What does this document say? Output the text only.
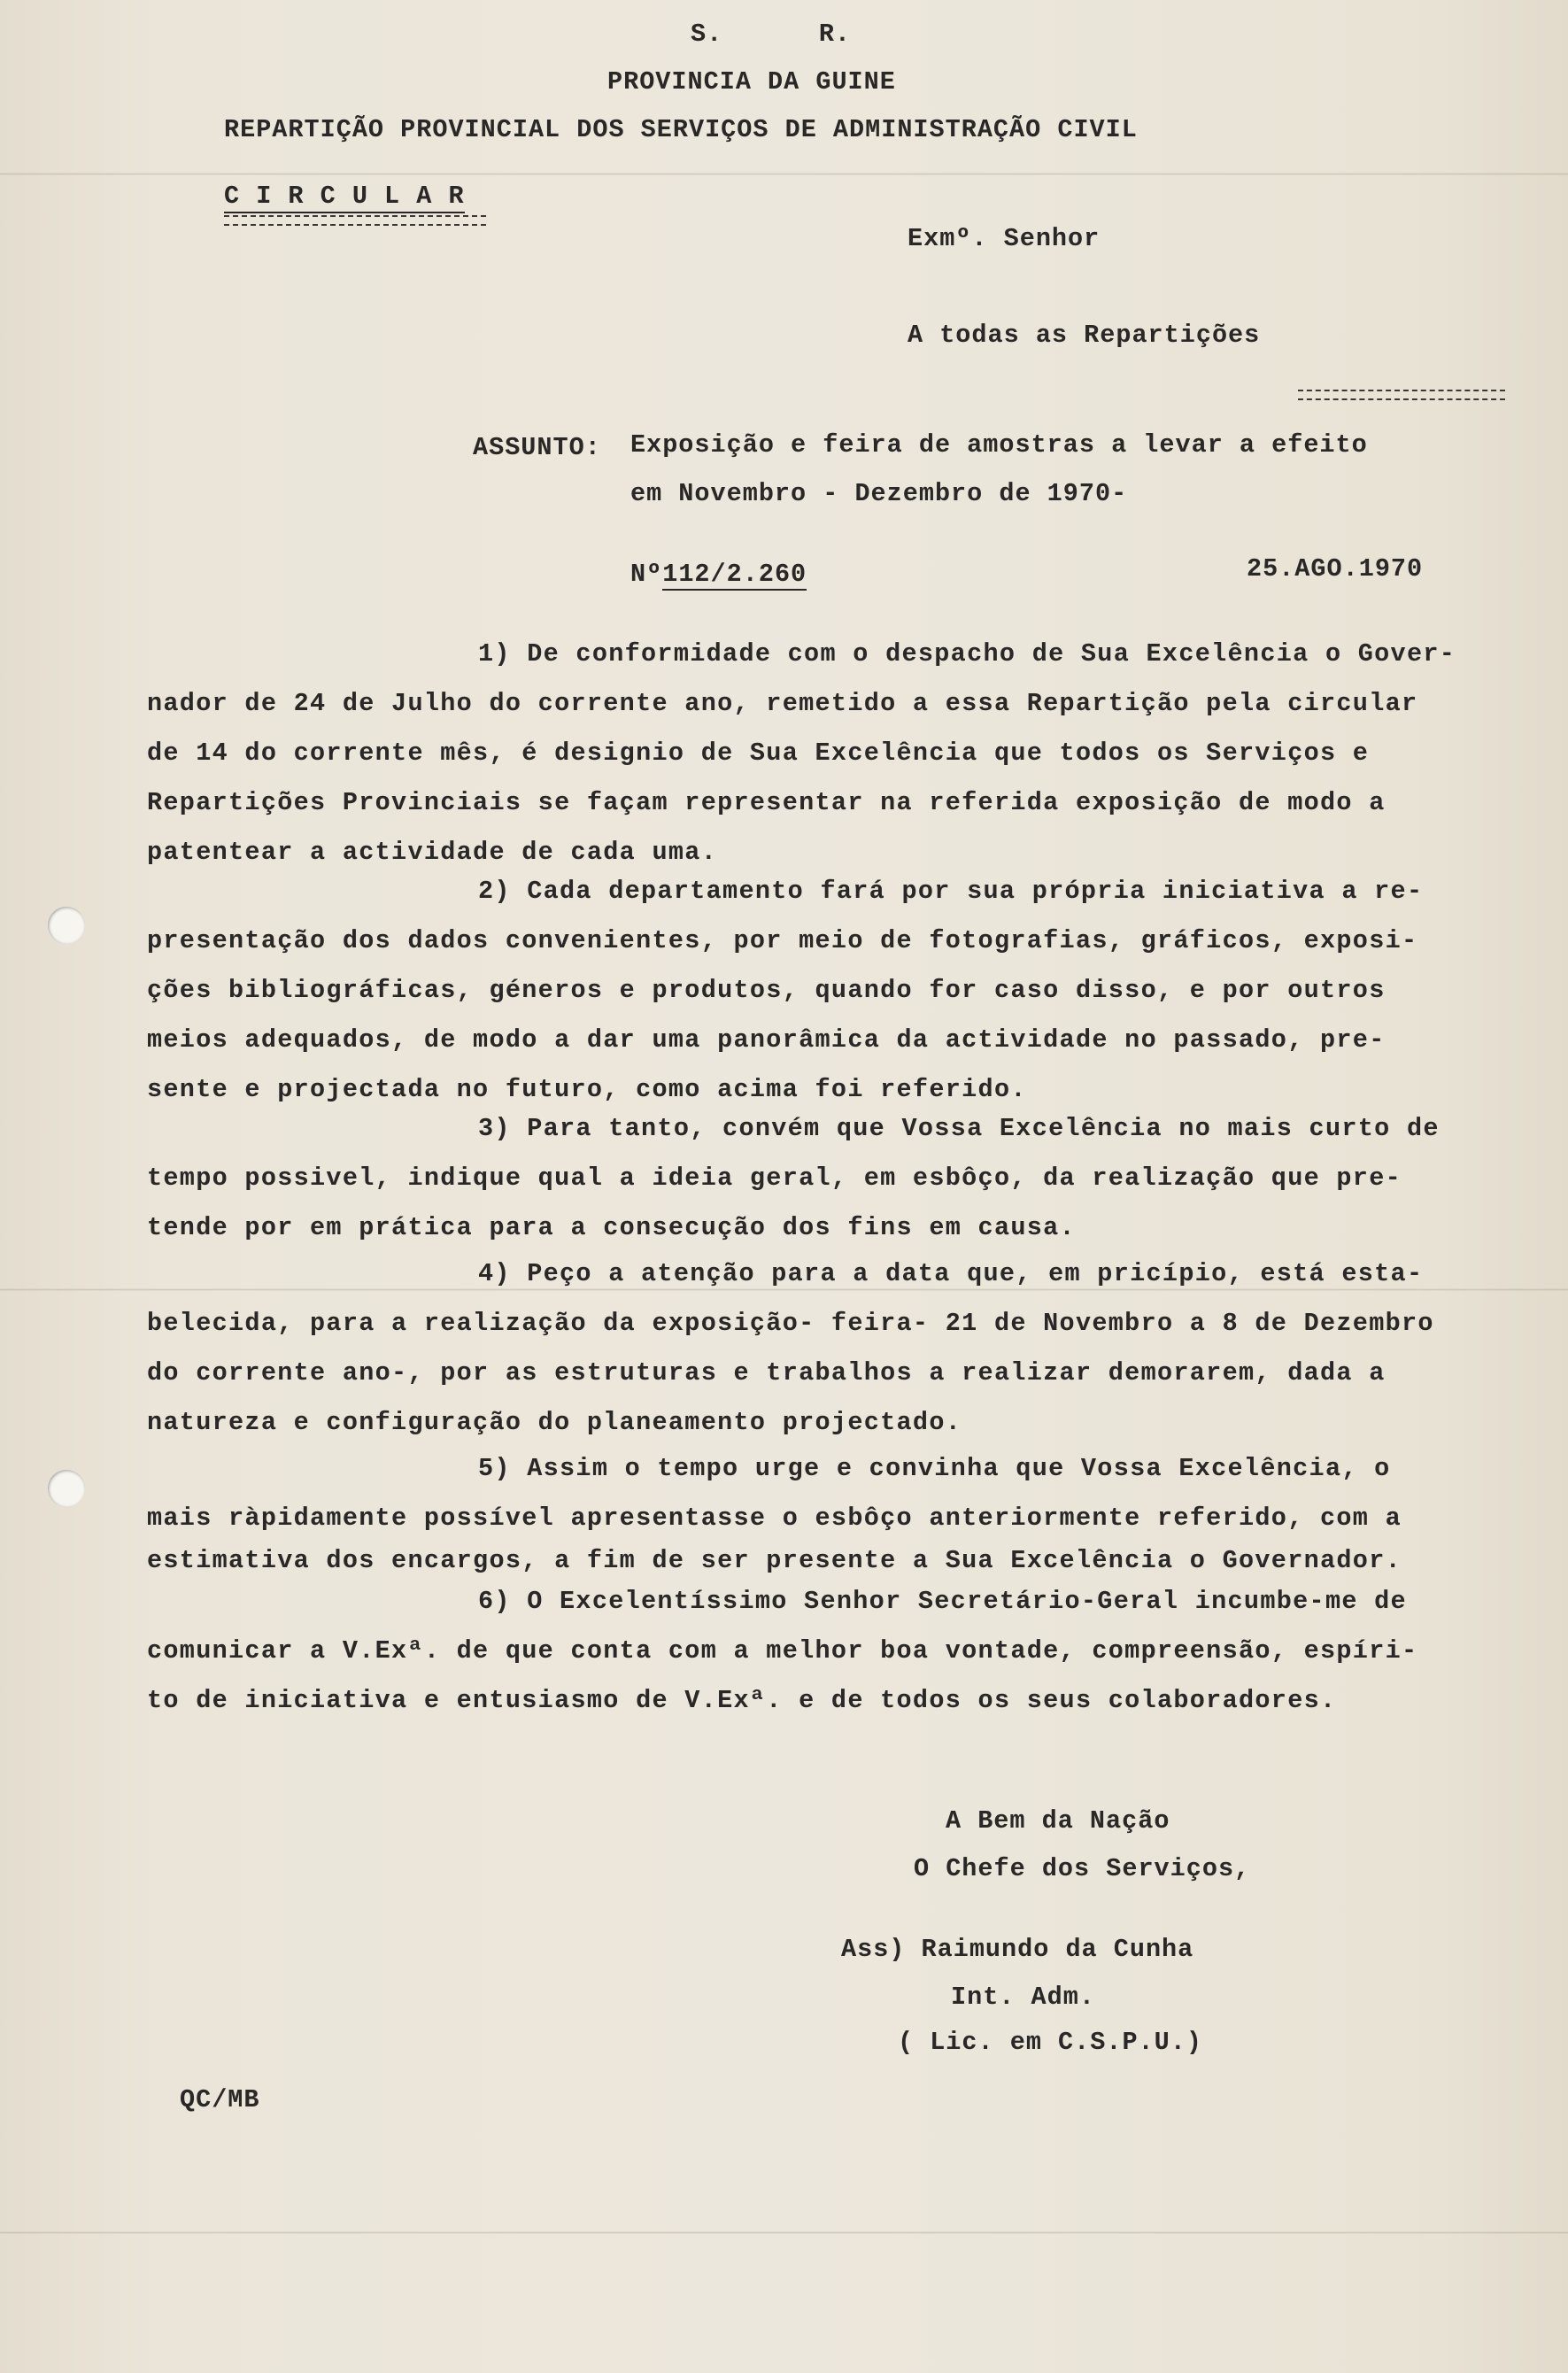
S.      R.
PROVINCIA DA GUINE
REPARTIÇÃO PROVINCIAL DOS SERVIÇOS DE ADMINISTRAÇÃO CIVIL
C I R C U L A R
Exmº. Senhor
A todas as Repartições
ASSUNTO: Exposição e feira de amostras a levar a efeito
em Novembro - Dezembro de 1970-
Nº112/2.260	25.AGO.1970
1) De conformidade com o despacho de Sua Excelência o Gover-
nador de 24 de Julho do corrente ano, remetido a essa Repartição pela circular
de 14 do corrente mês, é designio de Sua Excelência que todos os Serviços e
Repartições Provinciais se façam representar na referida exposição de modo a
patentear a actividade de cada uma.
2) Cada departamento fará por sua própria iniciativa a re-
presentação dos dados convenientes, por meio de fotografias, gráficos, exposi-
ções bibliográficas, géneros e produtos, quando for caso disso, e por outros
meios adequados, de modo a dar uma panorâmica da actividade no passado, pre-
sente e projectada no futuro, como acima foi referido.
3) Para tanto, convém que Vossa Excelência no mais curto de
tempo possivel, indique qual a ideia geral, em esbôço, da realização que pre-
tende por em prática para a consecução dos fins em causa.
4) Peço a atenção para a data que, em pricípio, está esta-
belecida, para a realização da exposição- feira- 21 de Novembro a 8 de Dezembro
do corrente ano-, por as estruturas e trabalhos a realizar demorarem, dada a
natureza e configuração do planeamento projectado.
5) Assim o tempo urge e convinha que Vossa Excelência, o
mais ràpidamente possível apresentasse o esbôço anteriormente referido, com a
estimativa dos encargos, a fim de ser presente a Sua Excelência o Governador.
6) O Excelentíssimo Senhor Secretário-Geral incumbe-me de
comunicar a V.Exª. de que conta com a melhor boa vontade, compreensão, espíri-
to de iniciativa e entusiasmo de V.Exª. e de todos os seus colaboradores.
A Bem da Nação
O Chefe dos Serviços,
Ass) Raimundo da Cunha
Int. Adm.
( Lic. em C.S.P.U.)
QC/MB
